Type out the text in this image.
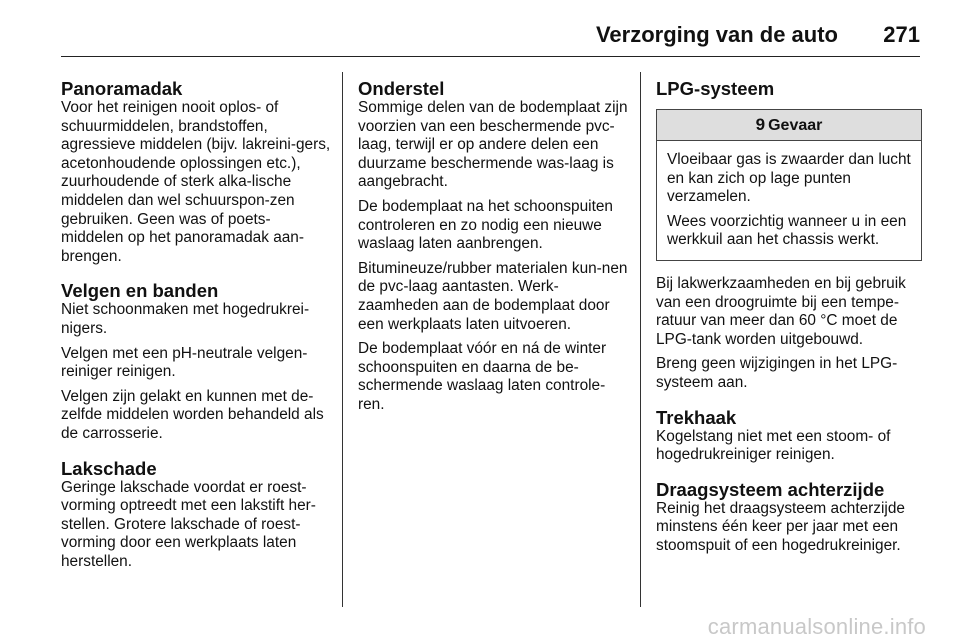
Verzorging van de auto 271
Panoramadak

Voor het reinigen nooit oplos- of schuurmiddelen, brandstoffen, agressieve middelen (bijv. lakreini-gers, acetonhoudende oplossingen etc.), zuurhoudende of sterk alka-lische middelen dan wel schuurspon-zen gebruiken. Geen was of poets-middelen op het panoramadak aan-brengen.

Velgen en banden

Niet schoonmaken met hogedrukrei-nigers.

Velgen met een pH-neutrale velgen-reiniger reinigen.

Velgen zijn gelakt en kunnen met de-zelfde middelen worden behandeld als de carrosserie.

Lakschade

Geringe lakschade voordat er roest-vorming optreedt met een lakstift her-stellen. Grotere lakschade of roest-vorming door een werkplaats laten herstellen.

Onderstel

Sommige delen van de bodemplaat zijn voorzien van een beschermende pvc-laag, terwijl er op andere delen een duurzame beschermende was-laag is aangebracht.

De bodemplaat na het schoonspuiten controleren en zo nodig een nieuwe waslaag laten aanbrengen.

Bitumineuze/rubber materialen kun-nen de pvc-laag aantasten. Werk-zaamheden aan de bodemplaat door een werkplaats laten uitvoeren.

De bodemplaat vóór en ná de winter schoonspuiten en daarna de be-schermende waslaag laten controle-ren.

LPG-systeem
9 Gevaar

Vloeibaar gas is zwaarder dan lucht en kan zich op lage punten verzamelen.

Wees voorzichtig wanneer u in een werkkuil aan het chassis werkt.

Bij lakwerkzaamheden en bij gebruik van een droogruimte bij een tempe-ratuur van meer dan 60 °C moet de LPG-tank worden uitgebouwd.

Breng geen wijzigingen in het LPG-systeem aan.

Trekhaak

Kogelstang niet met een stoom- of hogedrukreiniger reinigen.

Draagsysteem achterzijde

Reinig het draagsysteem achterzijde minstens één keer per jaar met een stoomspuit of een hogedrukreiniger.

carmanualsonline.info
